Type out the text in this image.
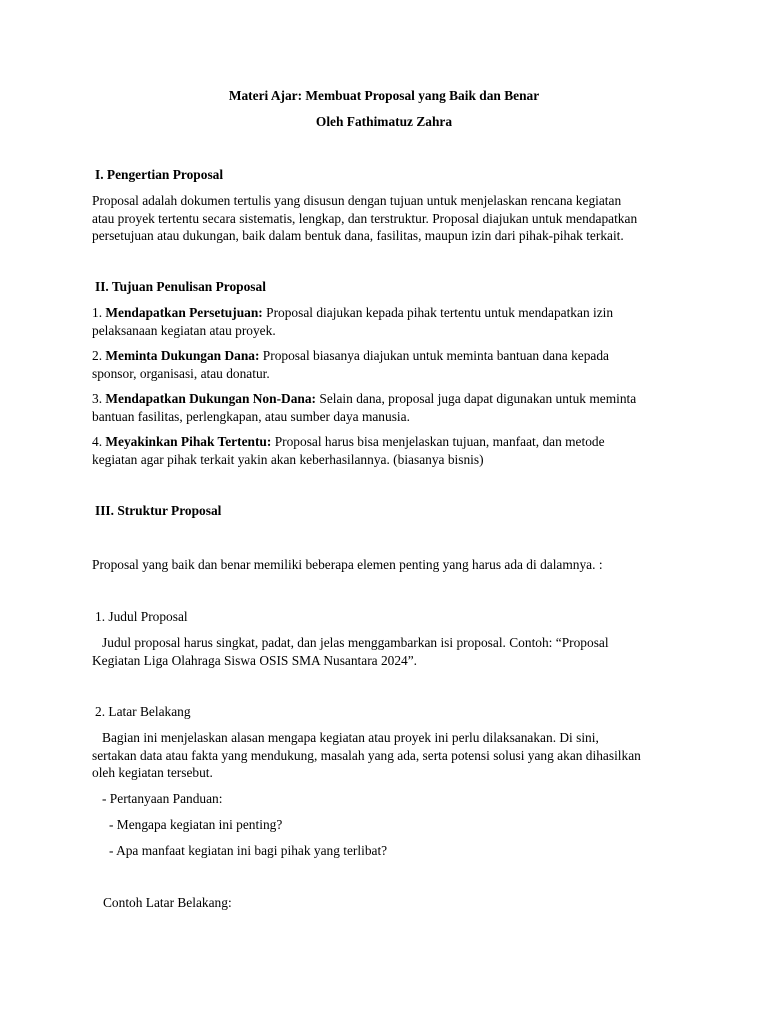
Materi Ajar: Membuat Proposal yang Baik dan Benar
Oleh Fathimatuz Zahra
I. Pengertian Proposal
Proposal adalah dokumen tertulis yang disusun dengan tujuan untuk menjelaskan rencana kegiatan
atau proyek tertentu secara sistematis, lengkap, dan terstruktur. Proposal diajukan untuk mendapatkan
persetujuan atau dukungan, baik dalam bentuk dana, fasilitas, maupun izin dari pihak-pihak terkait.
II. Tujuan Penulisan Proposal
1. Mendapatkan Persetujuan: Proposal diajukan kepada pihak tertentu untuk mendapatkan izin
pelaksanaan kegiatan atau proyek.
2. Meminta Dukungan Dana: Proposal biasanya diajukan untuk meminta bantuan dana kepada
sponsor, organisasi, atau donatur.
3. Mendapatkan Dukungan Non-Dana: Selain dana, proposal juga dapat digunakan untuk meminta
bantuan fasilitas, perlengkapan, atau sumber daya manusia.
4. Meyakinkan Pihak Tertentu: Proposal harus bisa menjelaskan tujuan, manfaat, dan metode
kegiatan agar pihak terkait yakin akan keberhasilannya. (biasanya bisnis)
III. Struktur Proposal
Proposal yang baik dan benar memiliki beberapa elemen penting yang harus ada di dalamnya. :
1. Judul Proposal
Judul proposal harus singkat, padat, dan jelas menggambarkan isi proposal. Contoh: “Proposal
Kegiatan Liga Olahraga Siswa OSIS SMA Nusantara 2024”.
2. Latar Belakang
Bagian ini menjelaskan alasan mengapa kegiatan atau proyek ini perlu dilaksanakan. Di sini,
sertakan data atau fakta yang mendukung, masalah yang ada, serta potensi solusi yang akan dihasilkan
oleh kegiatan tersebut.
- Pertanyaan Panduan:
- Mengapa kegiatan ini penting?
- Apa manfaat kegiatan ini bagi pihak yang terlibat?
Contoh Latar Belakang:
